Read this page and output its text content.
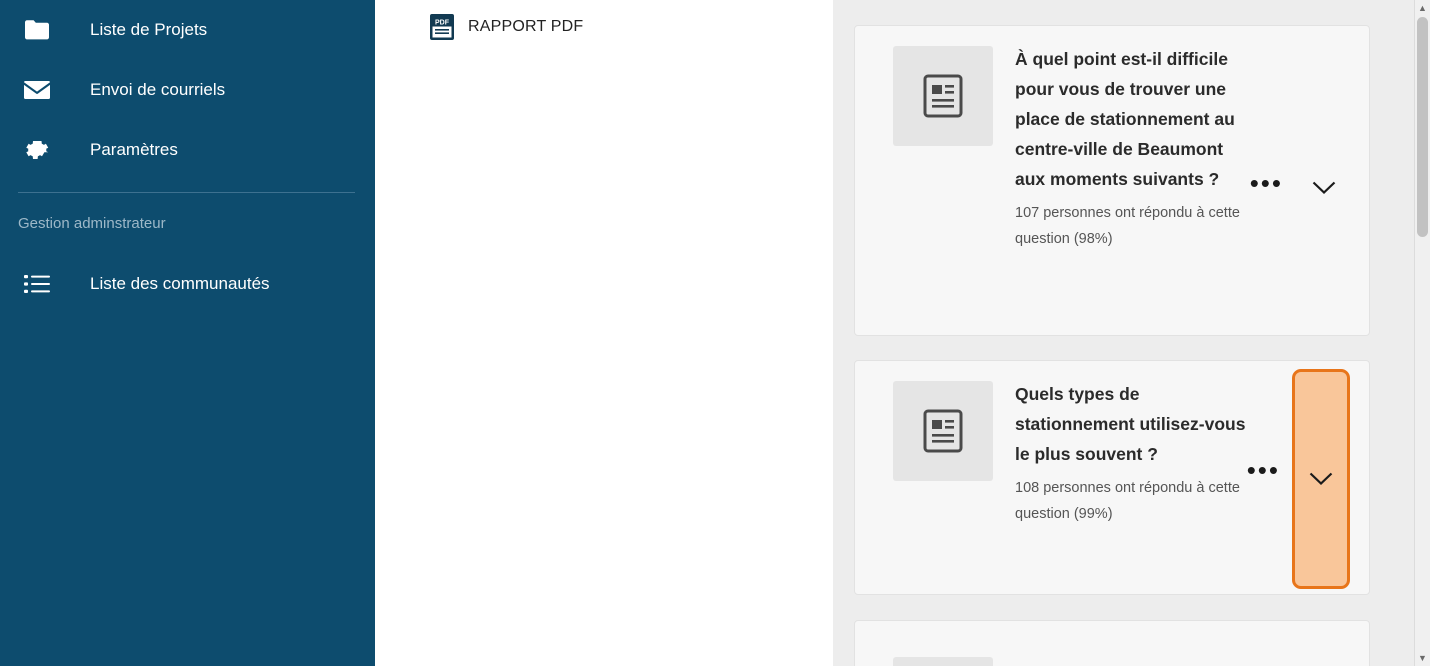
Liste de Projets
Envoi de courriels
Paramètres
Gestion adminstrateur
Liste des communautés
PDF RAPPORT PDF
À quel point est-il difficile pour vous de trouver une place de stationnement au centre-ville de Beaumont aux moments suivants ?
107 personnes ont répondu à cette question (98%)
•••
Quels types de stationnement utilisez-vous le plus souvent ?
108 personnes ont répondu à cette question (99%)
•••
▲
▼
